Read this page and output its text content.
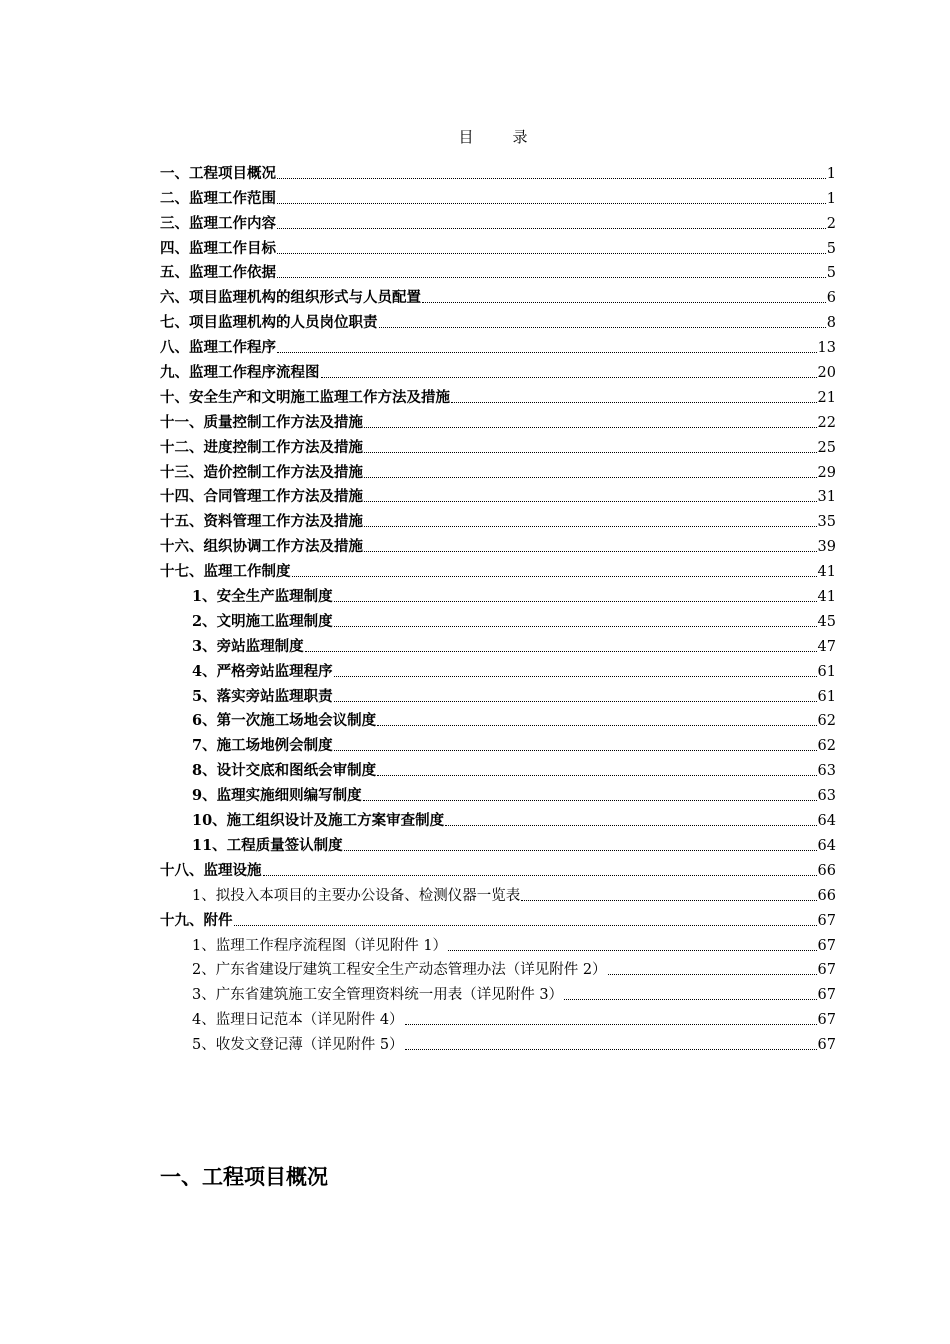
目　录
一、工程项目概况	1
二、监理工作范围	1
三、监理工作内容	2
四、监理工作目标	5
五、监理工作依据	5
六、项目监理机构的组织形式与人员配置	6
七、项目监理机构的人员岗位职责	8
八、监理工作程序	13
九、监理工作程序流程图	20
十、安全生产和文明施工监理工作方法及措施	21
十一、质量控制工作方法及措施	22
十二、进度控制工作方法及措施	25
十三、造价控制工作方法及措施	29
十四、合同管理工作方法及措施	31
十五、资料管理工作方法及措施	35
十六、组织协调工作方法及措施	39
十七、监理工作制度	41
1、安全生产监理制度	41
2、文明施工监理制度	45
3、旁站监理制度	47
4、严格旁站监理程序	61
5、落实旁站监理职责	61
6、第一次施工场地会议制度	62
7、施工场地例会制度	62
8、设计交底和图纸会审制度	63
9、监理实施细则编写制度	63
10、施工组织设计及施工方案审查制度	64
11、工程质量签认制度	64
十八、监理设施	66
1、拟投入本项目的主要办公设备、检测仪器一览表	66
十九、附件	67
1、监理工作程序流程图（详见附件 1）	67
2、广东省建设厅建筑工程安全生产动态管理办法（详见附件 2）	67
3、广东省建筑施工安全管理资料统一用表（详见附件 3）	67
4、监理日记范本（详见附件 4）	67
5、收发文登记薄（详见附件 5）	67
一、工程项目概况
